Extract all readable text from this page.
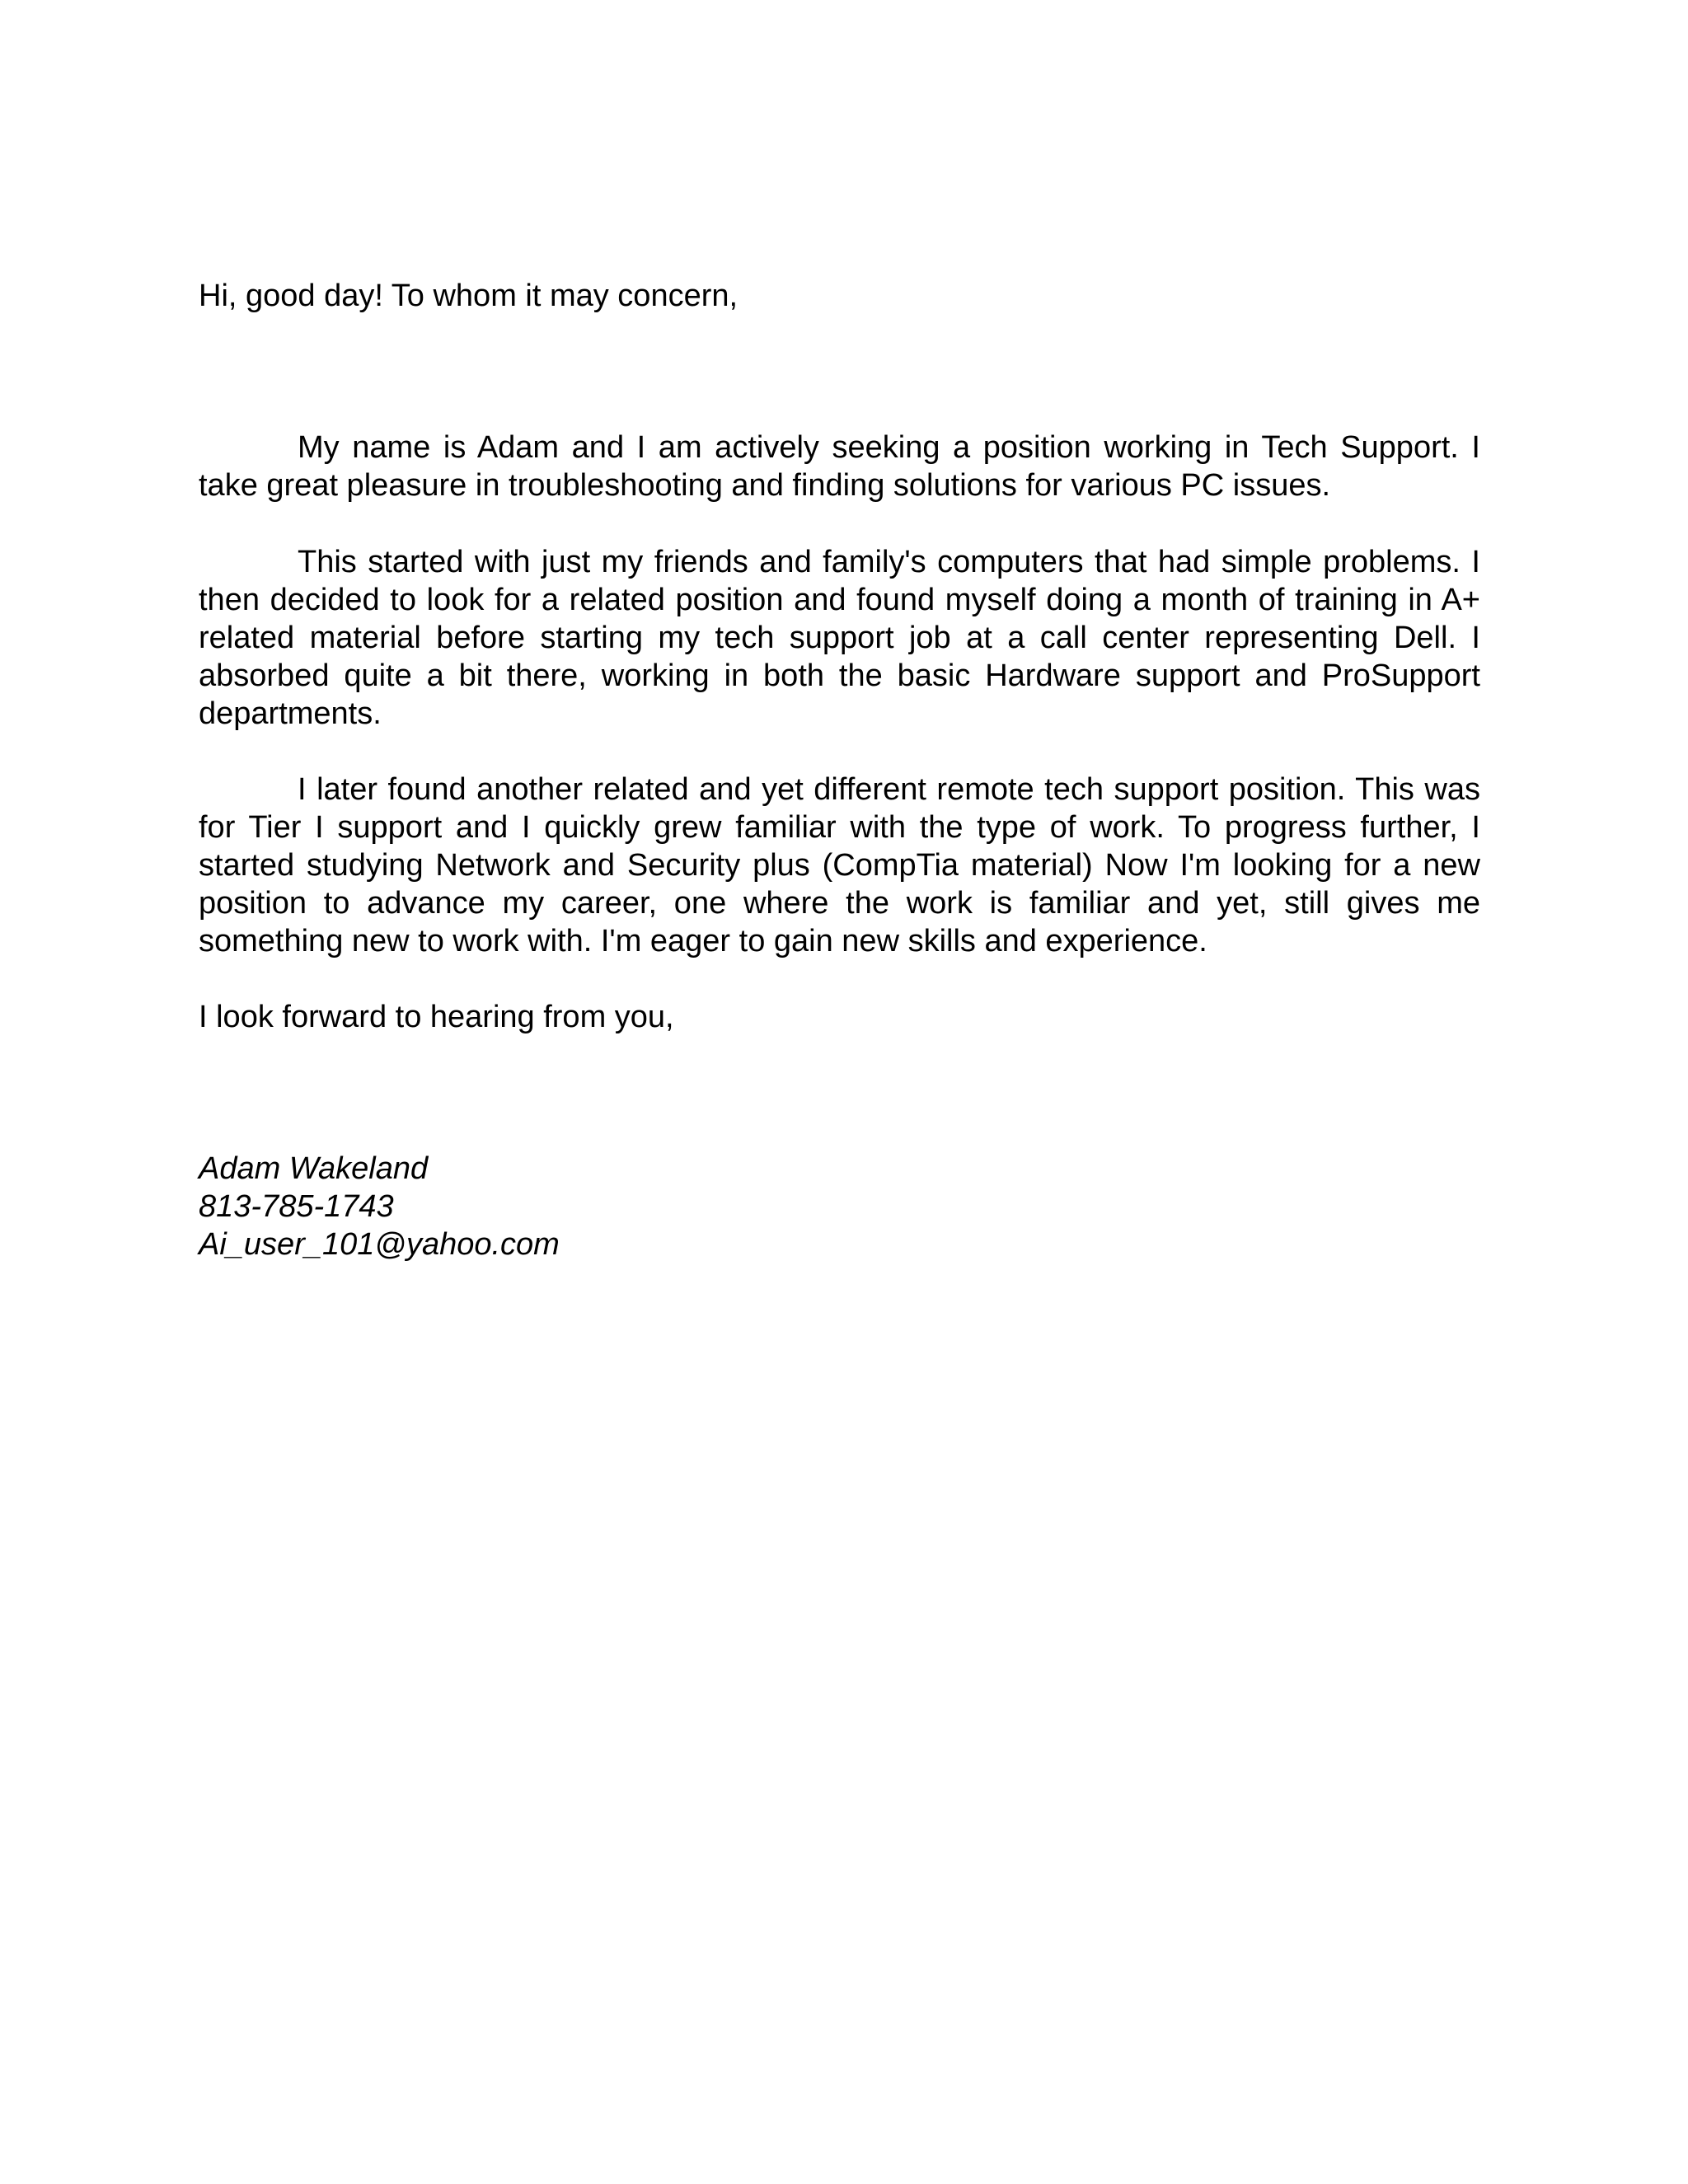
Hi, good day! To whom it may concern,

My name is Adam and I am actively seeking a position working in Tech Support. I take great pleasure in troubleshooting and finding solutions for various PC issues.

This started with just my friends and family's computers that had simple problems. I then decided to look for a related position and found myself doing a month of training in A+ related material before starting my tech support job at a call center representing Dell. I absorbed quite a bit there, working in both the basic Hardware support and ProSupport departments.

I later found another related and yet different remote tech support position. This was for Tier I support and I quickly grew familiar with the type of work. To progress further, I started studying Network and Security plus (CompTia material) Now I'm looking for a new position to advance my career, one where the work is familiar and yet, still gives me something new to work with. I'm eager to gain new skills and experience.

I look forward to hearing from you,

Adam Wakeland
813-785-1743
Ai_user_101@yahoo.com
